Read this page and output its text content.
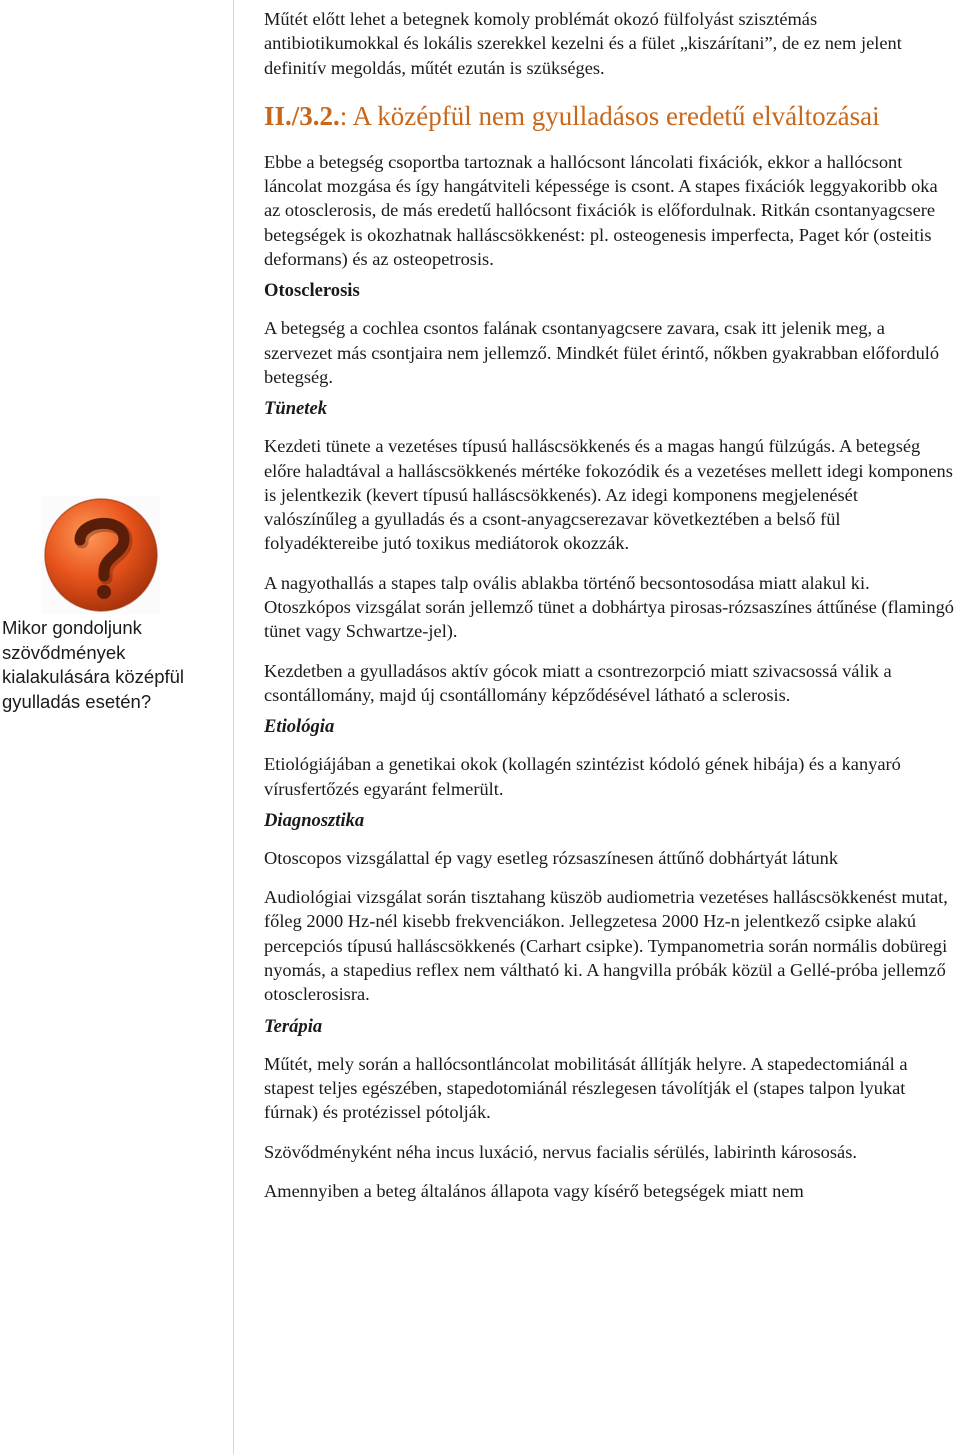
Mikor gondoljunk szövődmények kialakulására középfül gyulladás esetén?

Műtét előtt lehet a betegnek komoly problémát okozó fülfolyást szisztémás antibiotikumokkal és lokális szerekkel kezelni és a fület „kiszárítani”, de ez nem jelent definitív megoldás, műtét ezután is szükséges.

II./3.2.: A középfül nem gyulladásos eredetű elváltozásai

Ebbe a betegség csoportba tartoznak a hallócsont láncolati fixációk, ekkor a hallócsont láncolat mozgása és így hangátviteli képessége is csont. A stapes fixációk leggyakoribb oka az otosclerosis, de más eredetű hallócsont fixációk is előfordulnak. Ritkán csontanyagcsere betegségek is okozhatnak halláscsökkenést: pl. osteogenesis imperfecta, Paget kór (osteitis deformans) és az osteopetrosis.

Otosclerosis

A betegség a cochlea csontos falának csontanyagcsere zavara, csak itt jelenik meg, a szervezet más csontjaira nem jellemző. Mindkét fület érintő, nőkben gyakrabban előforduló betegség.

Tünetek

Kezdeti tünete a vezetéses típusú halláscsökkenés és a magas hangú fülzúgás. A betegség előre haladtával a halláscsökkenés mértéke fokozódik és a vezetéses mellett idegi komponens is jelentkezik (kevert típusú halláscsökkenés). Az idegi komponens megjelenését valószínűleg a gyulladás és a csont-anyagcserezavar következtében a belső fül folyadéktereibe jutó toxikus mediátorok okozzák.

A nagyothallás a stapes talp ovális ablakba történő becsontosodása miatt alakul ki. Otoszkópos vizsgálat során jellemző tünet a dobhártya pirosas-rózsaszínes áttűnése (flamingó tünet vagy Schwartze-jel).

Kezdetben a gyulladásos aktív gócok miatt a csontrezorpció miatt szivacsossá válik a csontállomány, majd új csontállomány képződésével látható a sclerosis.

Etiológia

Etiológiájában a genetikai okok (kollagén szintézist kódoló gének hibája) és a kanyaró vírusfertőzés egyaránt felmerült.

Diagnosztika

Otoscopos vizsgálattal ép vagy esetleg rózsaszínesen áttűnő dobhártyát látunk

Audiológiai vizsgálat során tisztahang küszöb audiometria vezetéses halláscsökkenést mutat, főleg 2000 Hz-nél kisebb frekvenciákon. Jellegzetesa 2000 Hz-n jelentkező csipke alakú percepciós típusú halláscsökkenés (Carhart csipke). Tympanometria során normális dobüregi nyomás, a stapedius reflex nem váltható ki. A hangvilla próbák közül a Gellé-próba jellemző otosclerosisra.

Terápia

Műtét, mely során a hallócsontláncolat mobilitását állítják helyre. A stapedectomiánál a stapest teljes egészében, stapedotomiánál részlegesen távolítják el (stapes talpon lyukat fúrnak) és protézissel pótolják.

Szövődményként néha incus luxáció, nervus facialis sérülés, labirinth kárososás.

Amennyiben a beteg általános állapota vagy kísérő betegségek miatt nem
